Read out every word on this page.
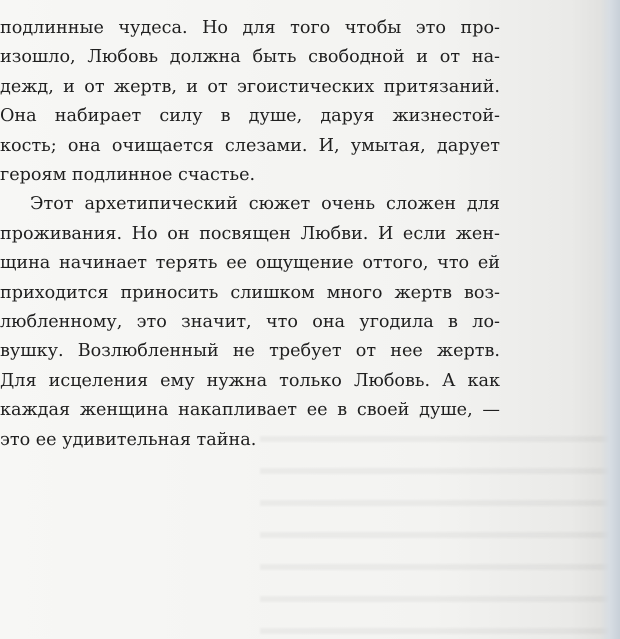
подлинные чудеса. Но для того чтобы это про-
изошло, Любовь должна быть свободной и от на-
дежд, и от жертв, и от эгоистических притязаний.
Она набирает силу в душе, даруя жизнестой-
кость; она очищается слезами. И, умытая, дарует
героям подлинное счастье.

Этот архетипический сюжет очень сложен для
проживания. Но он посвящен Любви. И если жен-
щина начинает терять ее ощущение оттого, что ей
приходится приносить слишком много жертв воз-
любленному, это значит, что она угодила в ло-
вушку. Возлюбленный не требует от нее жертв.
Для исцеления ему нужна только Любовь. А как
каждая женщина накапливает ее в своей душе, —
это ее удивительная тайна.
